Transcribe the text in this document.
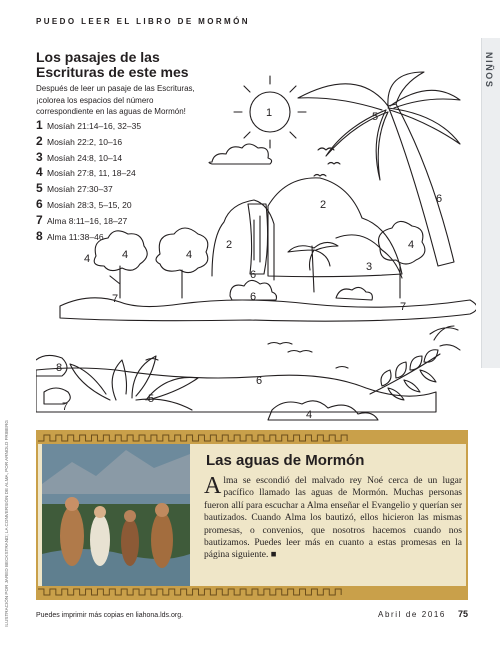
NIÑOS
PUEDO LEER EL LIBRO DE MORMÓN
Los pasajes de las Escrituras de este mes
Después de leer un pasaje de las Escrituras, ¡colorea los espacios del número correspondiente en las aguas de Mormón!
1 Mosíah 21:14–16, 32–35
2 Mosíah 22:2, 10–16
3 Mosíah 24:8, 10–14
4 Mosíah 27:8, 11, 18–24
5 Mosíah 27:30–37
6 Mosíah 28:3, 5–15, 20
7 Alma 8:11–16, 18–27
8 Alma 11:38–46
1	5
6
2
2
6
3
4
4
4	4
6
7
7
6
8
7
5
4
Las aguas de Mormón

Alma se escondió del malvado rey Noé cerca de un lugar pacífico llamado las aguas de Mormón. Muchas personas fueron allí para escuchar a Alma enseñar el Evangelio y querían ser bautizados. Cuando Alma los bautizó, ellos hicieron las mismas promesas, o convenios, que nosotros hacemos cuando nos bautizamos. Puedes leer más en cuanto a estas promesas en la página siguiente. ■

ILUSTRACIÓN POR JARED BECKSTRAND; LA CONVERSIÓN DE ALMA, POR ARNOLD FRIBERG	Puedes imprimir más copias en liahona.lds.org.	Abril de 2016 75
